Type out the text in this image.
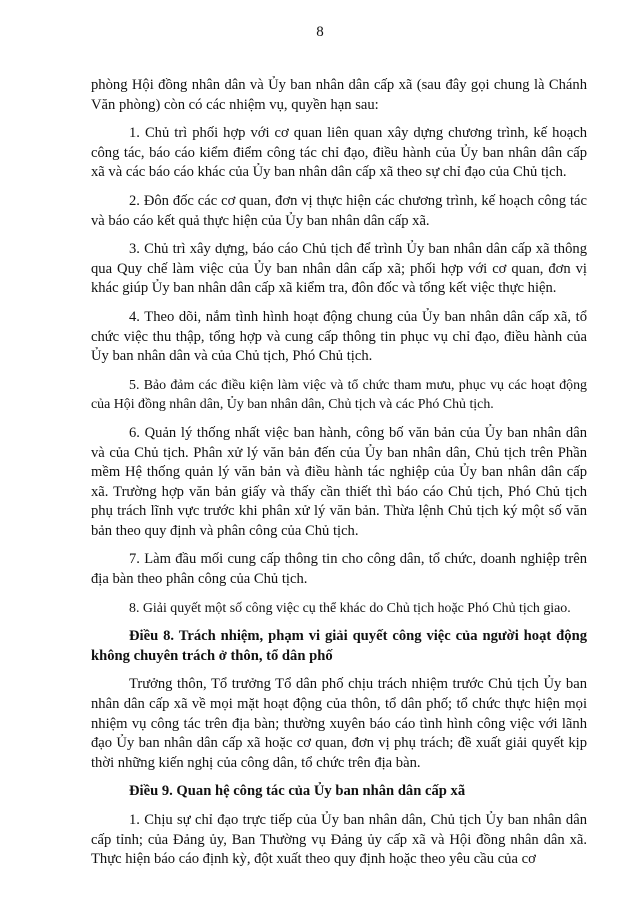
8

phòng Hội đồng nhân dân và Ủy ban nhân dân cấp xã (sau đây gọi chung là Chánh Văn phòng) còn có các nhiệm vụ, quyền hạn sau:

1. Chủ trì phối hợp với cơ quan liên quan xây dựng chương trình, kế hoạch công tác, báo cáo kiểm điểm công tác chỉ đạo, điều hành của Ủy ban nhân dân cấp xã và các báo cáo khác của Ủy ban nhân dân cấp xã theo sự chỉ đạo của Chủ tịch.

2. Đôn đốc các cơ quan, đơn vị thực hiện các chương trình, kế hoạch công tác và báo cáo kết quả thực hiện của Ủy ban nhân dân cấp xã.

3. Chủ trì xây dựng, báo cáo Chủ tịch để trình Ủy ban nhân dân cấp xã thông qua Quy chế làm việc của Ủy ban nhân dân cấp xã; phối hợp với cơ quan, đơn vị khác giúp Ủy ban nhân dân cấp xã kiểm tra, đôn đốc và tổng kết việc thực hiện.

4. Theo dõi, nắm tình hình hoạt động chung của Ủy ban nhân dân cấp xã, tổ chức việc thu thập, tổng hợp và cung cấp thông tin phục vụ chỉ đạo, điều hành của Ủy ban nhân dân và của Chủ tịch, Phó Chủ tịch.

5. Bảo đảm các điều kiện làm việc và tổ chức tham mưu, phục vụ các hoạt động của Hội đồng nhân dân, Ủy ban nhân dân, Chủ tịch và các Phó Chủ tịch.

6. Quản lý thống nhất việc ban hành, công bố văn bản của Ủy ban nhân dân và của Chủ tịch. Phân xử lý văn bản đến của Ủy ban nhân dân, Chủ tịch trên Phần mềm Hệ thống quản lý văn bản và điều hành tác nghiệp của Ủy ban nhân dân cấp xã. Trường hợp văn bản giấy và thấy cần thiết thì báo cáo Chủ tịch, Phó Chủ tịch phụ trách lĩnh vực trước khi phân xử lý văn bản. Thừa lệnh Chủ tịch ký một số văn bản theo quy định và phân công của Chủ tịch.

7. Làm đầu mối cung cấp thông tin cho công dân, tổ chức, doanh nghiệp trên địa bàn theo phân công của Chủ tịch.

8. Giải quyết một số công việc cụ thể khác do Chủ tịch hoặc Phó Chủ tịch giao.

Điều 8. Trách nhiệm, phạm vi giải quyết công việc của người hoạt động không chuyên trách ở thôn, tổ dân phố

Trưởng thôn, Tổ trưởng Tổ dân phố chịu trách nhiệm trước Chủ tịch Ủy ban nhân dân cấp xã về mọi mặt hoạt động của thôn, tổ dân phố; tổ chức thực hiện mọi nhiệm vụ công tác trên địa bàn; thường xuyên báo cáo tình hình công việc với lãnh đạo Ủy ban nhân dân cấp xã hoặc cơ quan, đơn vị phụ trách; đề xuất giải quyết kịp thời những kiến nghị của công dân, tổ chức trên địa bàn.

Điều 9. Quan hệ công tác của Ủy ban nhân dân cấp xã

1. Chịu sự chỉ đạo trực tiếp của Ủy ban nhân dân, Chủ tịch Ủy ban nhân dân cấp tỉnh; của Đảng ủy, Ban Thường vụ Đảng ủy cấp xã và Hội đồng nhân dân xã. Thực hiện báo cáo định kỳ, đột xuất theo quy định hoặc theo yêu cầu của cơ
